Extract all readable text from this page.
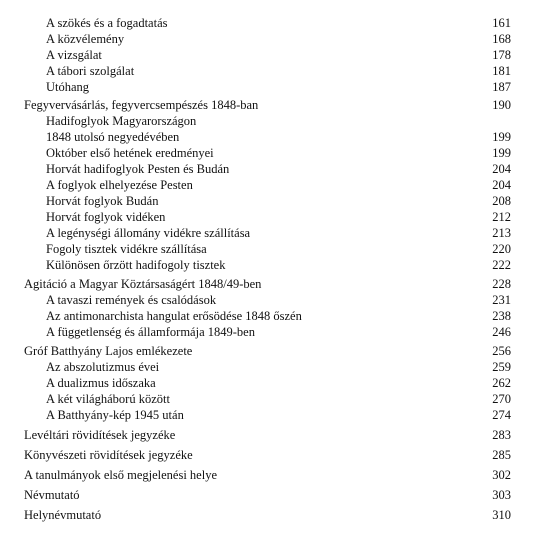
A szökés és a fogadtatás	161
A közvélemény	168
A vizsgálat	178
A tábori szolgálat	181
Utóhang	187
Fegyvervásárlás, fegyvercsempészés 1848-ban	190
Hadifoglyok Magyarországon
1848 utolsó negyedévében	199
Október első hetének eredményei	199
Horvát hadifoglyok Pesten és Budán	204
A foglyok elhelyezése Pesten	204
Horvát foglyok Budán	208
Horvát foglyok vidéken	212
A legénységi állomány vidékre szállítása	213
Fogoly tisztek vidékre szállítása	220
Különösen őrzött hadifogoly tisztek	222
Agitáció a Magyar Köztársaságért 1848/49-ben	228
A tavaszi remények és csalódások	231
Az antimonarchista hangulat erősödése 1848 őszén	238
A függetlenség és államformája 1849-ben	246
Gróf Batthyány Lajos emlékezete	256
Az abszolutizmus évei	259
A dualizmus időszaka	262
A két világháború között	270
A Batthyány-kép 1945 után	274
Levéltári rövidítések jegyzéke	283
Könyvészeti rövidítések jegyzéke	285
A tanulmányok első megjelenési helye	302
Névmutató	303
Helynévmutató	310
